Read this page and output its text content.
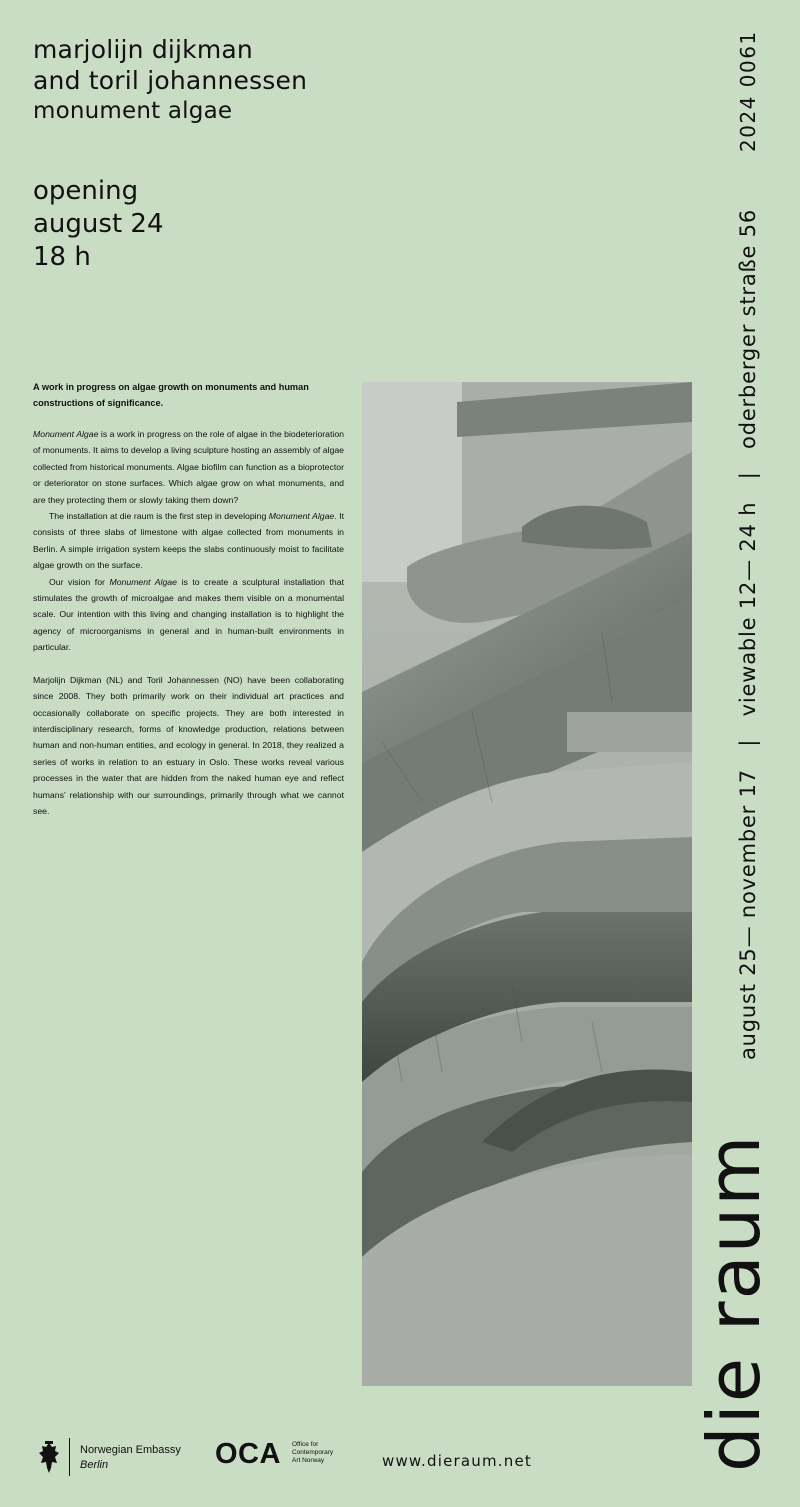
marjolijn dijkman
and toril johannessen
monument algae
opening
august 24
18 h
2024 0061
august 25— november 17   |   viewable 12— 24 h   |   oderberger straße 56
die raum

A work in progress on algae growth on monuments and human constructions of significance.

Monument Algae is a work in progress on the role of algae in the biodeterioration of monuments. It aims to develop a living sculpture hosting an assembly of algae collected from historical monuments. Algae biofilm can function as a bioprotector or deteriorator on stone surfaces. Which algae grow on what monuments, and are they protecting them or slowly taking them down?

The installation at die raum is the first step in developing Monument Algae. It consists of three slabs of limestone with algae collected from monuments in Berlin. A simple irrigation system keeps the slabs continuously moist to facilitate algae growth on the surface.

Our vision for Monument Algae is to create a sculptural installation that stimulates the growth of microalgae and makes them visible on a monumental scale. Our intention with this living and changing installation is to highlight the agency of microorganisms in general and in human-built environments in particular.

Marjolijn Dijkman (NL) and Toril Johannessen (NO) have been collaborating since 2008. They both primarily work on their individual art practices and occasionally collaborate on specific projects. They are both interested in interdisciplinary research, forms of knowledge production, relations between human and non-human entities, and ecology in general. In 2018, they realized a series of works in relation to an estuary in Oslo. These works reveal various processes in the water that are hidden from the naked human eye and reflect humans’ relationship with our surroundings, primarily through what we cannot see.

Norwegian Embassy
Berlin	OCA Office for
Contemporary
Art Norway	www.dieraum.net
